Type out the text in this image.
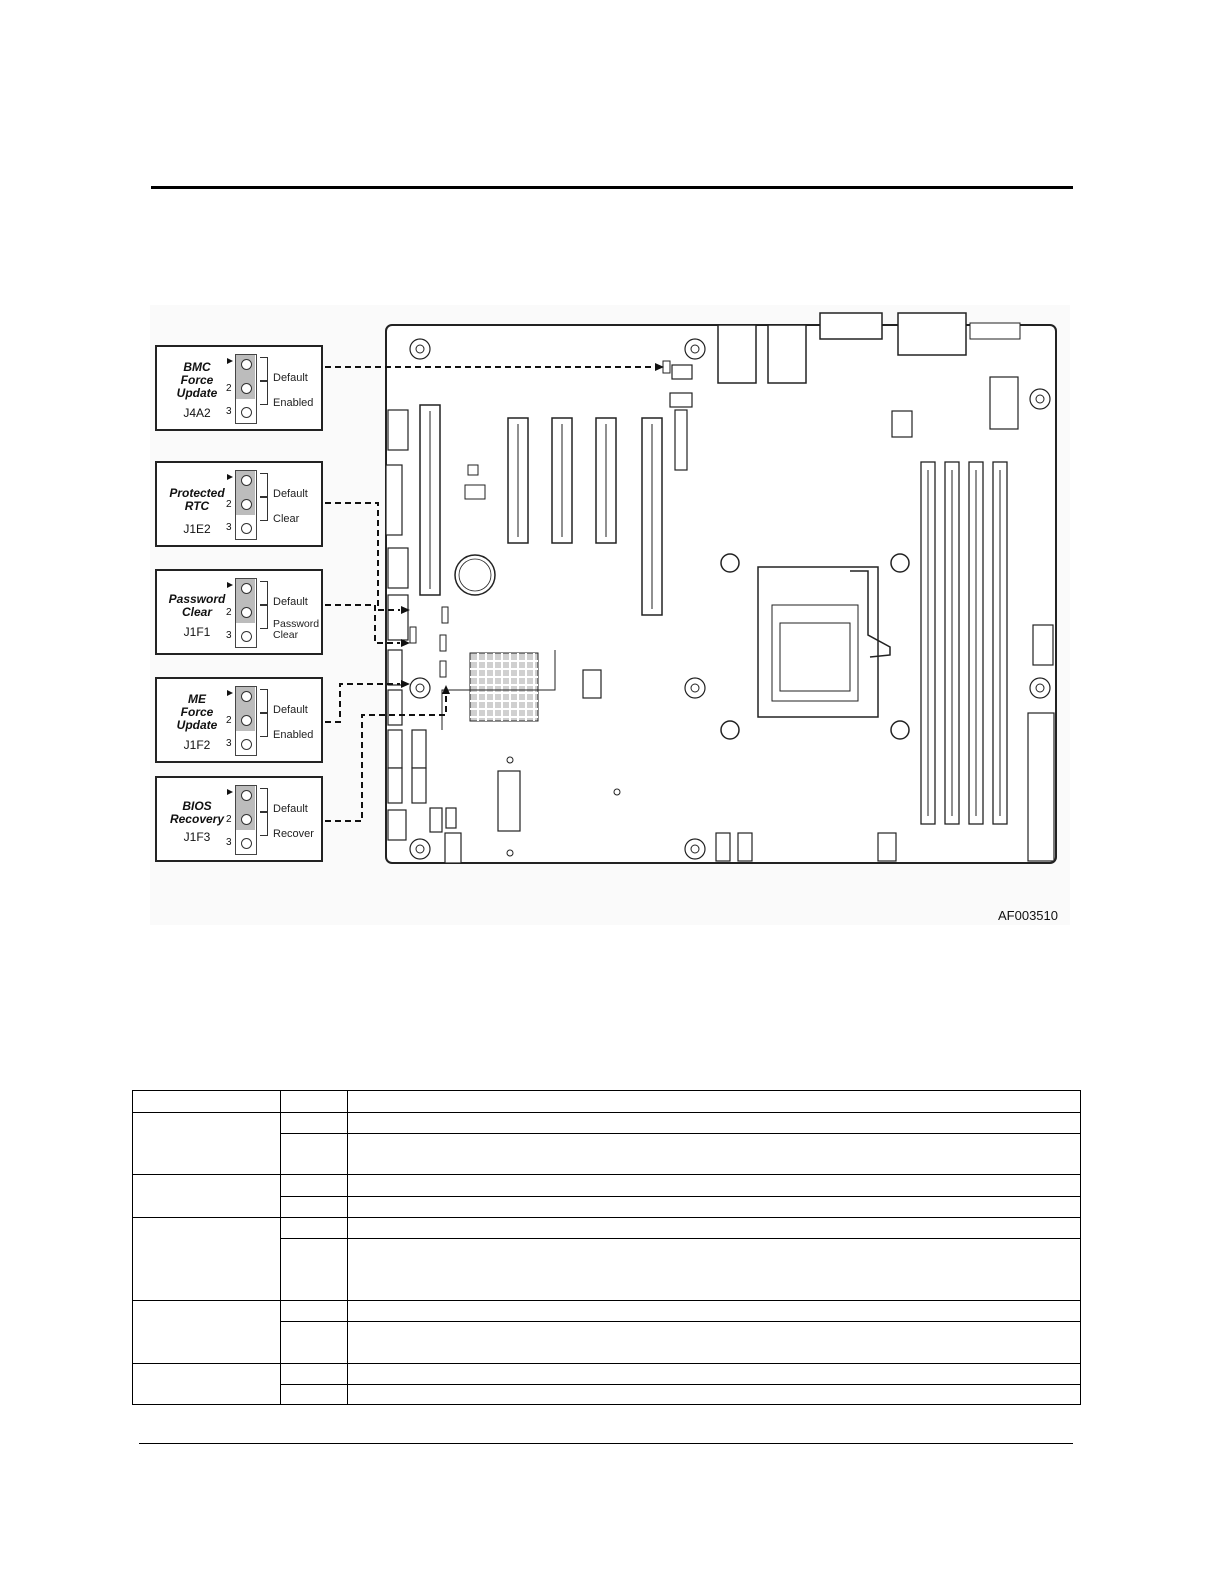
BMC
Force
Update
J4A2
2
3
Default
Enabled
Protected
RTC
J1E2
2
3
Default
Clear
Password
Clear
J1F1
2
3
Default
Password
Clear
ME
Force
Update
J1F2
2
3
Default
Enabled
BIOS
Recovery
J1F3
2
3
Default
Recover
AF003510
